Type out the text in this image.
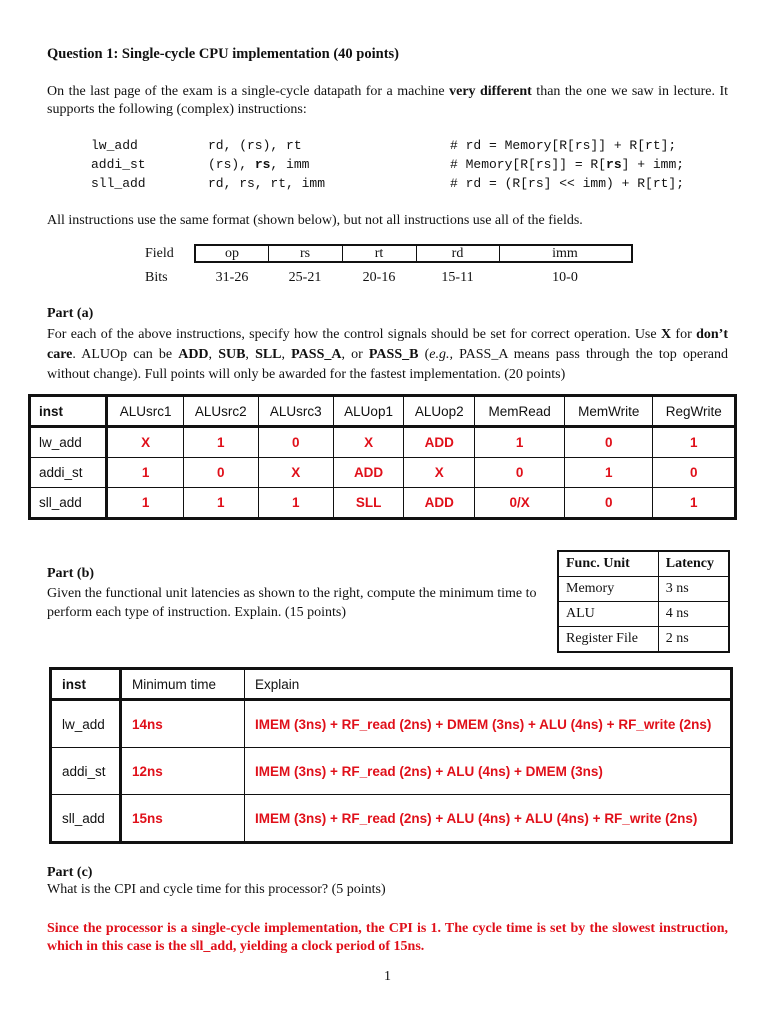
Question 1: Single-cycle CPU implementation (40 points)

On the last page of the exam is a single-cycle datapath for a machine very different than the one we saw in lecture. It supports the following (complex) instructions:

lw_add

	rd, (rs), rt

	# rd = Memory[R[rs]] + R[rt];

addi_st

	(rs), rs, imm

	# Memory[R[rs]] = R[rs] + imm;

sll_add

	rd, rs, rt, imm

	# rd = (R[rs] << imm) + R[rt];

All instructions use the same format (shown below), but not all instructions use all of the fields.

Field	op	rs	rt	rd	imm
Bits	31-26	25-21	20-16	15-11	10-0
Part (a)

For each of the above instructions, specify how the control signals should be set for correct operation. Use X for don’t care. ALUOp can be ADD, SUB, SLL, PASS_A, or PASS_B (e.g., PASS_A means pass through the top operand without change). Full points will only be awarded for the fastest implementation. (20 points)

inst	ALUsrc1	ALUsrc2	ALUsrc3	ALUop1	ALUop2	MemRead	MemWrite	RegWrite
lw_add	X	1	0	X	ADD	1	0	1
addi_st	1	0	X	ADD	X	0	1	0
sll_add	1	1	1	SLL	ADD	0/X	0	1
Part (b)

Given the functional unit latencies as shown to the right, compute the minimum time to perform each type of instruction. Explain. (15 points)

Func. Unit	Latency
Memory	3 ns
ALU	4 ns
Register File	2 ns
inst	Minimum time	Explain
lw_add	14ns	IMEM (3ns) + RF_read (2ns) + DMEM (3ns) + ALU (4ns) + RF_write (2ns)
addi_st	12ns	IMEM (3ns) + RF_read (2ns) + ALU (4ns) + DMEM (3ns)
sll_add	15ns	IMEM (3ns) + RF_read (2ns) + ALU (4ns) + ALU (4ns) + RF_write (2ns)
Part (c)

What is the CPI and cycle time for this processor? (5 points)

Since the processor is a single-cycle implementation, the CPI is 1. The cycle time is set by the slowest instruction, which in this case is the sll_add, yielding a clock period of 15ns.

1
